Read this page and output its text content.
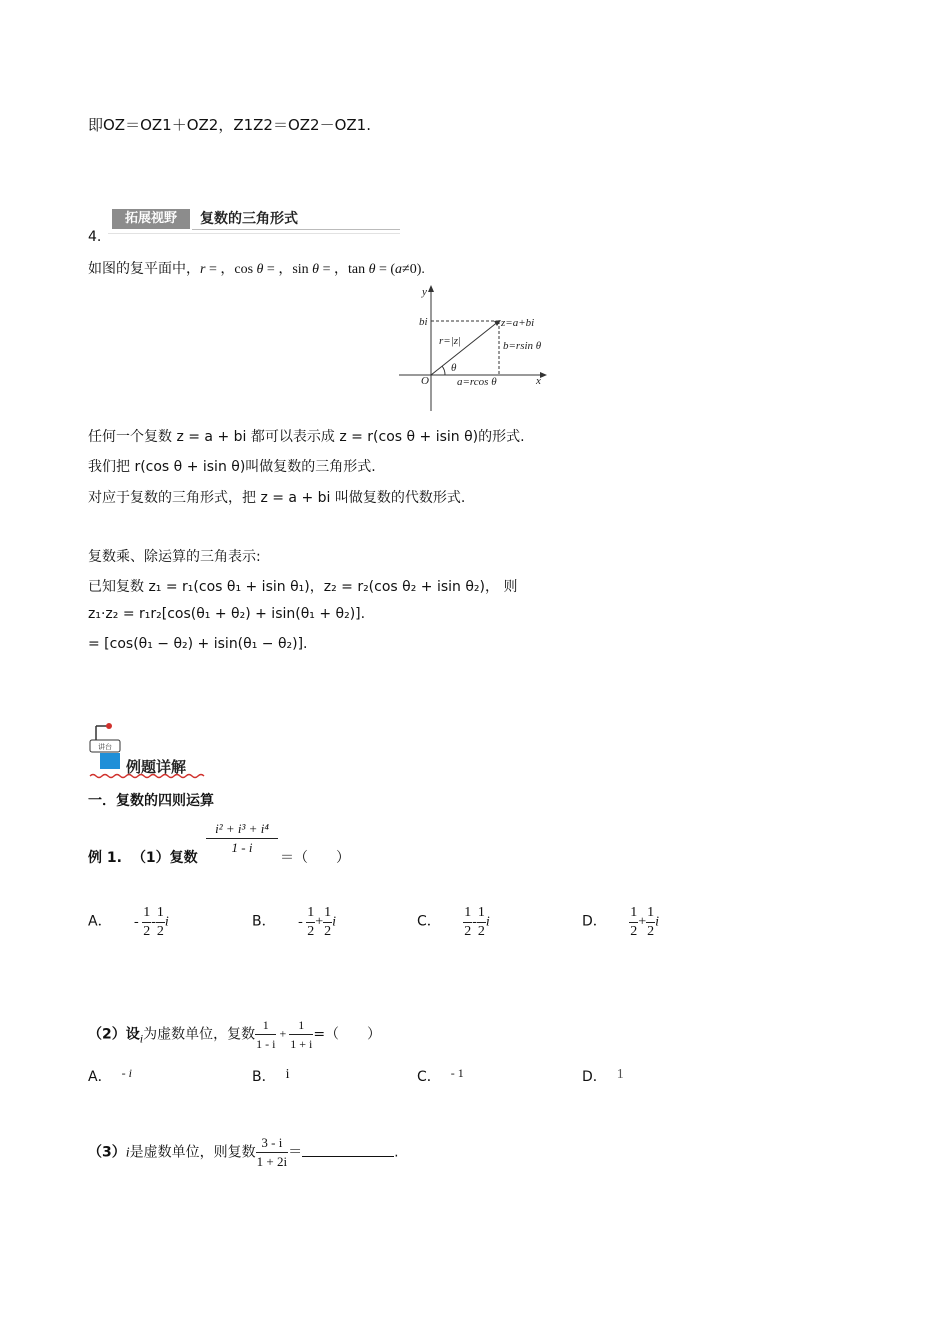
即OZ＝OZ1＋OZ2，Z1Z2＝OZ2－OZ1.
拓展视野	复数的三角形式
4.
如图的复平面中，r = ，cos θ = ，sin θ = ，tan θ = (a≠0).
y
x
O
bi	z=a+bi
r=|z|	b=rsin θ
a=rcos θ
θ
任何一个复数 z = a + bi 都可以表示成 z = r(cos θ + isin θ)的形式.
我们把 r(cos θ + isin θ)叫做复数的三角形式.
对应于复数的三角形式，把 z = a + bi 叫做复数的代数形式.
复数乘、除运算的三角表示:
已知复数 z₁ = r₁(cos θ₁ + isin θ₁)，z₂ = r₂(cos θ₂ + isin θ₂)， 则
z₁·z₂ = r₁r₂[cos(θ₁ + θ₂) + isin(θ₁ + θ₂)].
= [cos(θ₁ − θ₂) + isin(θ₁ − θ₂)].
讲台
例题详解
一．复数的四则运算
例 1. （1）复数
$\frac{\text{i² + i³ + i⁴}}{1 - i}$
＝（　　）
A． - $\frac{1}{2} - \frac{1}{2}$ i	B． - $\frac{1}{2} + \frac{1}{2}$ i	C． $\frac{1}{2} - \frac{1}{2}$ i	D． $\frac{1}{2} + \frac{1}{2}$ i
（2）设i为虚数单位，复数 $\frac{1}{1 - i} + \frac{1}{1 + i}$ =（　　）
A． - i	B． i	C． - 1	D． 1
（3）i是虚数单位，则复数 $\frac{3 - i}{1 + 2i}$ ＝	.
